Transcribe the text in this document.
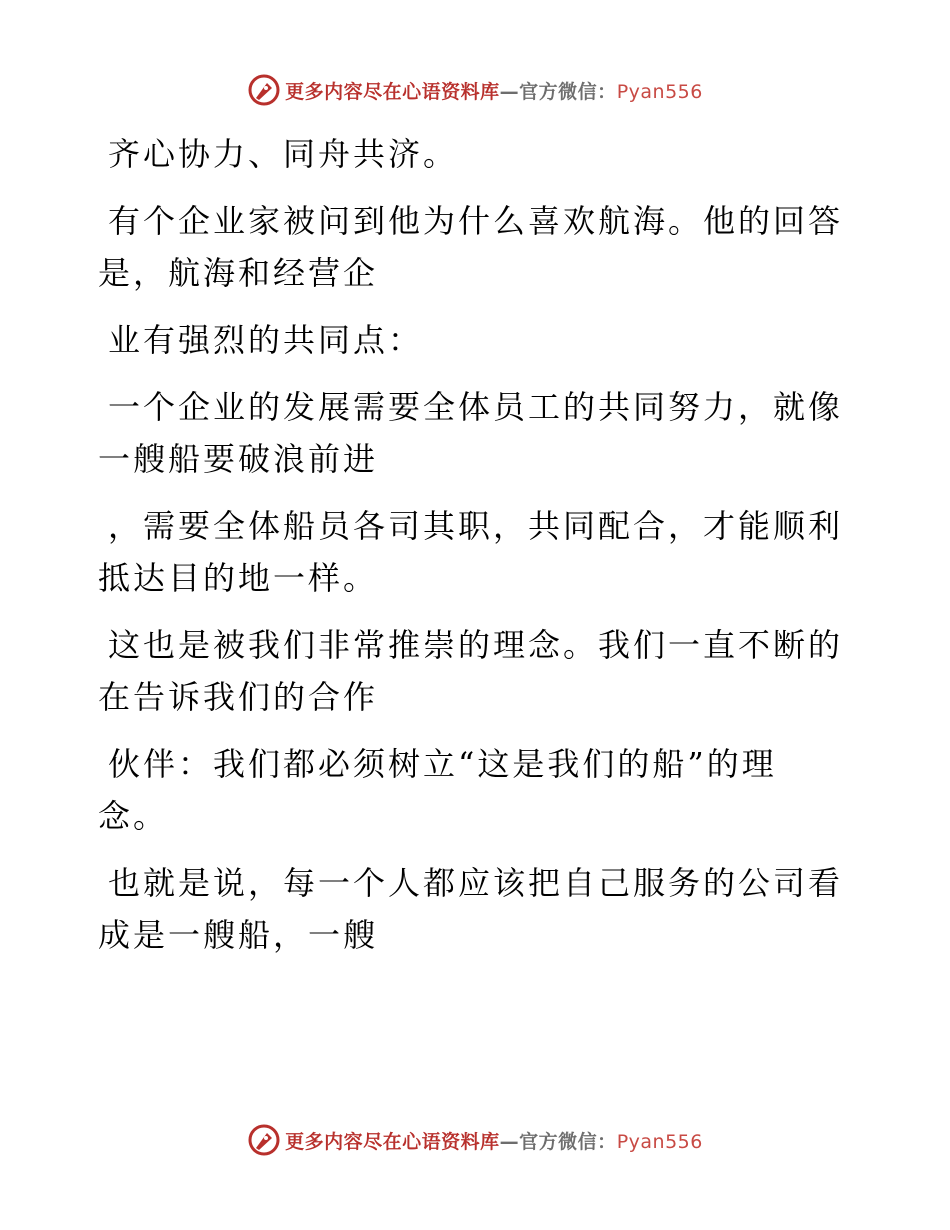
更多内容尽在心语资料库—官方微信：Pyan556

齐心协力、同舟共济。

有个企业家被问到他为什么喜欢航海。他的回答
是，航海和经营企

业有强烈的共同点：

一个企业的发展需要全体员工的共同努力，就像
一艘船要破浪前进

，需要全体船员各司其职，共同配合，才能顺利
抵达目的地一样。

这也是被我们非常推崇的理念。我们一直不断的
在告诉我们的合作

伙伴：我们都必须树立“这是我们的船”的理
念。

也就是说，每一个人都应该把自己服务的公司看
成是一艘船，一艘

更多内容尽在心语资料库—官方微信：Pyan556
